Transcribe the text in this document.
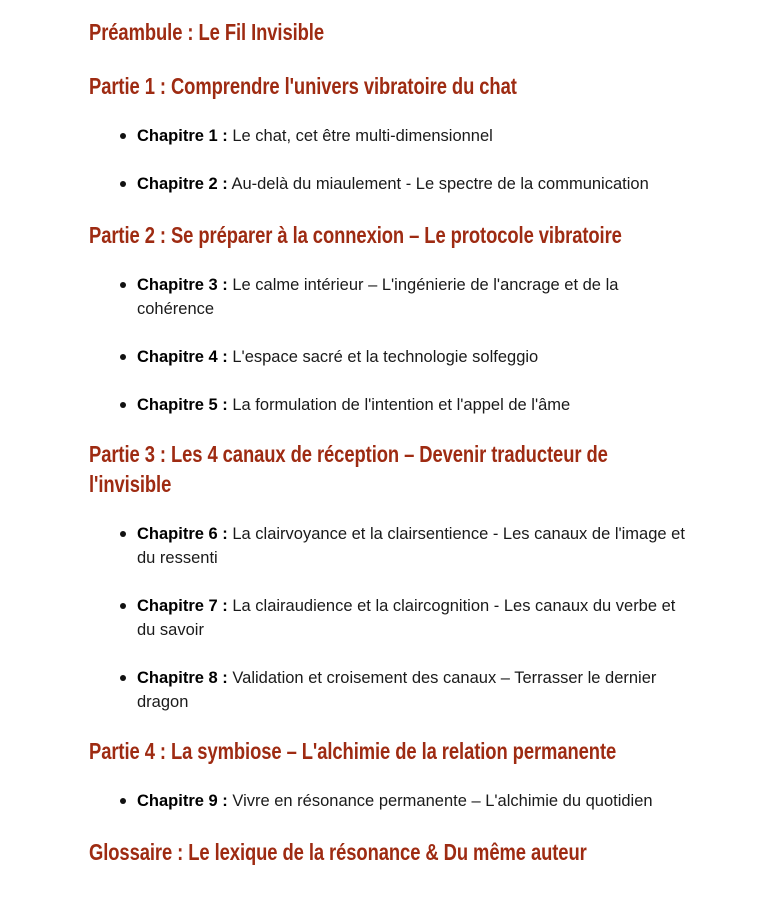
Préambule : Le Fil Invisible
Partie 1 : Comprendre l'univers vibratoire du chat
Chapitre 1 : Le chat, cet être multi-dimensionnel
Chapitre 2 : Au-delà du miaulement - Le spectre de la communication
Partie 2 : Se préparer à la connexion – Le protocole vibratoire
Chapitre 3 : Le calme intérieur – L'ingénierie de l'ancrage et de la cohérence
Chapitre 4 : L'espace sacré et la technologie solfeggio
Chapitre 5 : La formulation de l'intention et l'appel de l'âme
Partie 3 : Les 4 canaux de réception – Devenir traducteur de l'invisible
Chapitre 6 : La clairvoyance et la clairsentience - Les canaux de l'image et du ressenti
Chapitre 7 : La clairaudience et la claircognition - Les canaux du verbe et du savoir
Chapitre 8 : Validation et croisement des canaux – Terrasser le dernier dragon
Partie 4 : La symbiose – L'alchimie de la relation permanente
Chapitre 9 : Vivre en résonance permanente – L'alchimie du quotidien
Glossaire : Le lexique de la résonance & Du même auteur
